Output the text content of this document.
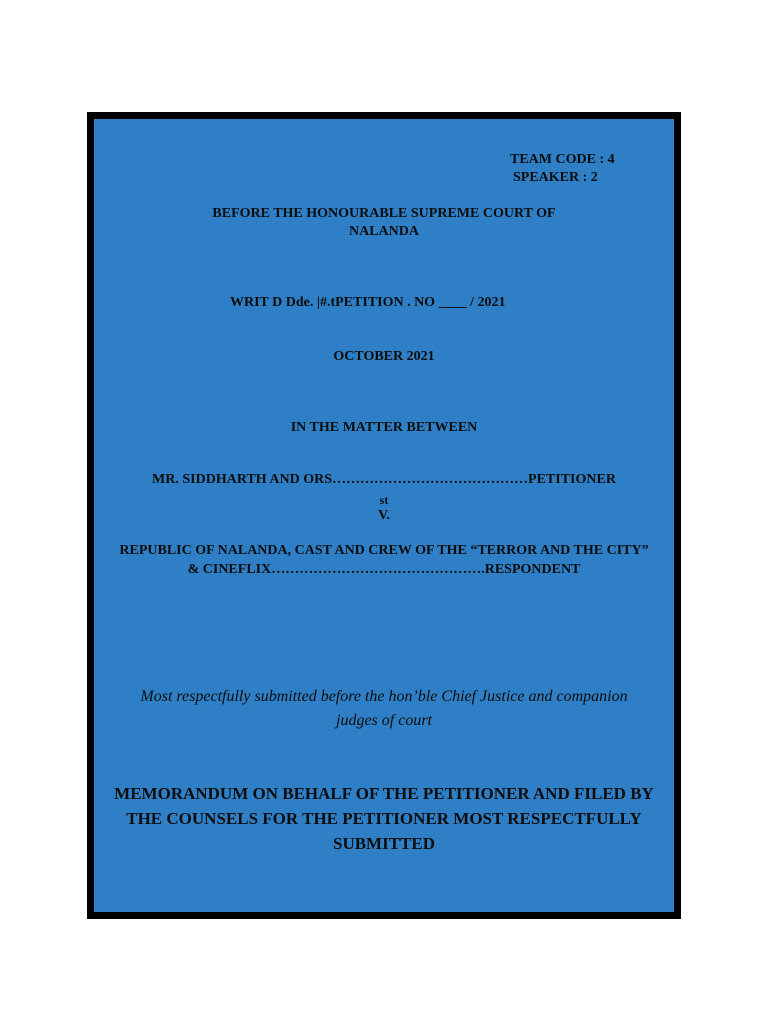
TEAM CODE : 4
SPEAKER : 2
BEFORE THE HONOURABLE SUPREME COURT OF
NALANDA
WRIT D Dde. |#.tPETITION . NO ____ / 2021
OCTOBER 2021
IN THE MATTER BETWEEN
MR. SIDDHARTH AND ORS……………………………………PETITIONER
st
V.
REPUBLIC OF NALANDA, CAST AND CREW OF THE “TERROR AND THE CITY”
& CINEFLIX……………………………………….RESPONDENT
Most respectfully submitted before the hon’ble Chief Justice and companion
judges of court
MEMORANDUM ON BEHALF OF THE PETITIONER AND FILED BY
THE COUNSELS FOR THE PETITIONER MOST RESPECTFULLY
SUBMITTED
